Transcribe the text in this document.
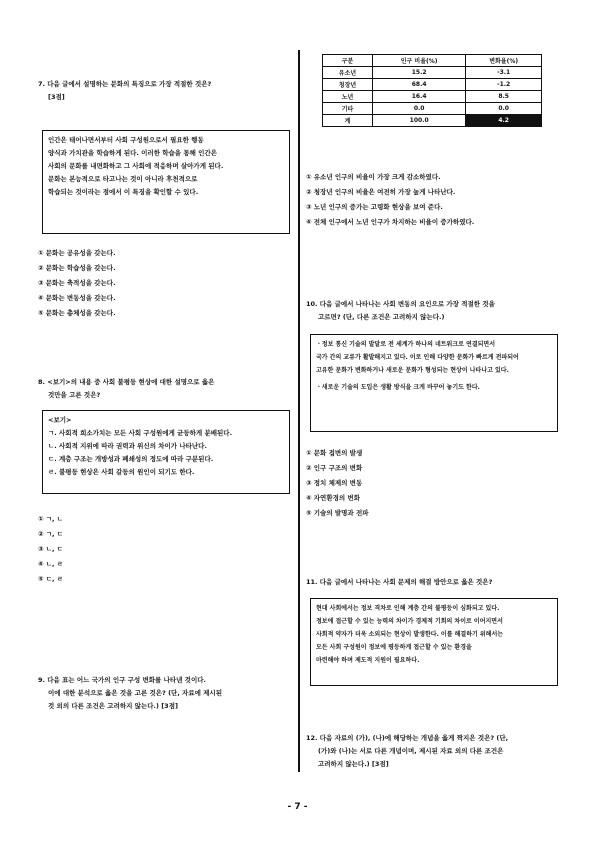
7. 다음 글에서 설명하는 문화의 특징으로 가장 적절한 것은?

[3점]

인간은 태어나면서부터 사회 구성원으로서 필요한 행동

양식과 가치관을 학습하게 된다. 이러한 학습을 통해 인간은

사회의 문화를 내면화하고 그 사회에 적응하며 살아가게 된다.

문화는 본능적으로 타고나는 것이 아니라 후천적으로

학습되는 것이라는 점에서 이 특징을 확인할 수 있다.

① 문화는 공유성을 갖는다.
② 문화는 학습성을 갖는다.
③ 문화는 축적성을 갖는다.
④ 문화는 변동성을 갖는다.
⑤ 문화는 총체성을 갖는다.

8. <보기>의 내용 중 사회 불평등 현상에 대한 설명으로 옳은

것만을 고른 것은?

<보기>

ㄱ. 사회적 희소가치는 모든 사회 구성원에게 균등하게 분배된다.

ㄴ. 사회적 지위에 따라 권력과 위신의 차이가 나타난다.

ㄷ. 계층 구조는 개방성과 폐쇄성의 정도에 따라 구분된다.

ㄹ. 불평등 현상은 사회 갈등의 원인이 되기도 한다.

① ㄱ, ㄴ
② ㄱ, ㄷ
③ ㄴ, ㄷ
④ ㄴ, ㄹ
⑤ ㄷ, ㄹ

9. 다음 표는 어느 국가의 인구 구성 변화를 나타낸 것이다.

이에 대한 분석으로 옳은 것을 고른 것은? (단, 자료에 제시된

것 외의 다른 조건은 고려하지 않는다.) [3점]

구분	인구 비율(%)	변화율(%)
유소년	15.2	-3.1
청장년	68.4	-1.2
노년	16.4	8.5
기타	0.0	0.0
계	100.0	4.2
① 유소년 인구의 비율이 가장 크게 감소하였다.
② 청장년 인구의 비율은 여전히 가장 높게 나타난다.
③ 노년 인구의 증가는 고령화 현상을 보여 준다.
④ 전체 인구에서 노년 인구가 차지하는 비율이 증가하였다.

10. 다음 글에서 나타나는 사회 변동의 요인으로 가장 적절한 것을

고르면? (단, 다른 조건은 고려하지 않는다.)

ㆍ정보 통신 기술의 발달로 전 세계가 하나의 네트워크로 연결되면서

국가 간의 교류가 활발해지고 있다. 이로 인해 다양한 문화가 빠르게 전파되어

고유한 문화가 변화하거나 새로운 문화가 형성되는 현상이 나타나고 있다.

ㆍ새로운 기술의 도입은 생활 방식을 크게 바꾸어 놓기도 한다.

① 문화 접변의 발생
② 인구 구조의 변화
③ 정치 체제의 변동
④ 자연환경의 변화
⑤ 기술의 발명과 전파

11. 다음 글에서 나타나는 사회 문제의 해결 방안으로 옳은 것은?

현대 사회에서는 정보 격차로 인해 계층 간의 불평등이 심화되고 있다.

정보에 접근할 수 있는 능력의 차이가 경제적 기회의 차이로 이어지면서

사회적 약자가 더욱 소외되는 현상이 발생한다. 이를 해결하기 위해서는

모든 사회 구성원이 정보에 평등하게 접근할 수 있는 환경을

마련해야 하며 제도적 지원이 필요하다.

12. 다음 자료의 (가), (나)에 해당하는 개념을 옳게 짝지은 것은? (단,

(가)와 (나)는 서로 다른 개념이며, 제시된 자료 외의 다른 조건은

고려하지 않는다.) [3점]

- 7 -
